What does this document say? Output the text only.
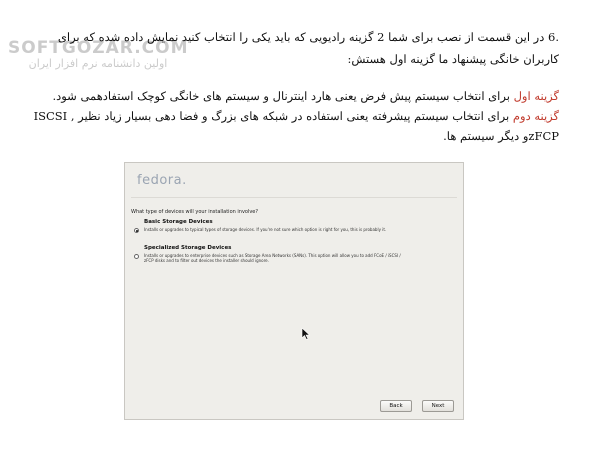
SOFTGOZAR.COM
اولین دانشنامه نرم افزار ایران
.6 در این قسمت از نصب برای شما 2 گزینه رادیویی که باید یکی را انتخاب کنید نمایش داده شده که برای
کاربران خانگی پیشنهاد ما گزینه اول هستش:
گزینه اول برای انتخاب سیستم پیش فرض یعنی هارد اینترنال و سیستم های خانگی کوچک استفادهمی شود.
گزینه دوم برای انتخاب سیستم پیشرفته یعنی استفاده در شبکه های بزرگ و فضا دهی بسیار زیاد نظیر , ISCSI
zFCPو دیگر سیستم ها.
fedora.
What type of devices will your installation involve?
Basic Storage Devices
Installs or upgrades to typical types of storage devices. If you're not sure which option is right for you, this is probably it.
Specialized Storage Devices
Installs or upgrades to enterprise devices such as Storage Area Networks (SANs). This option will allow you to add FCoE / iSCSI / zFCP disks and to filter out devices the installer should ignore.
Back	Next
